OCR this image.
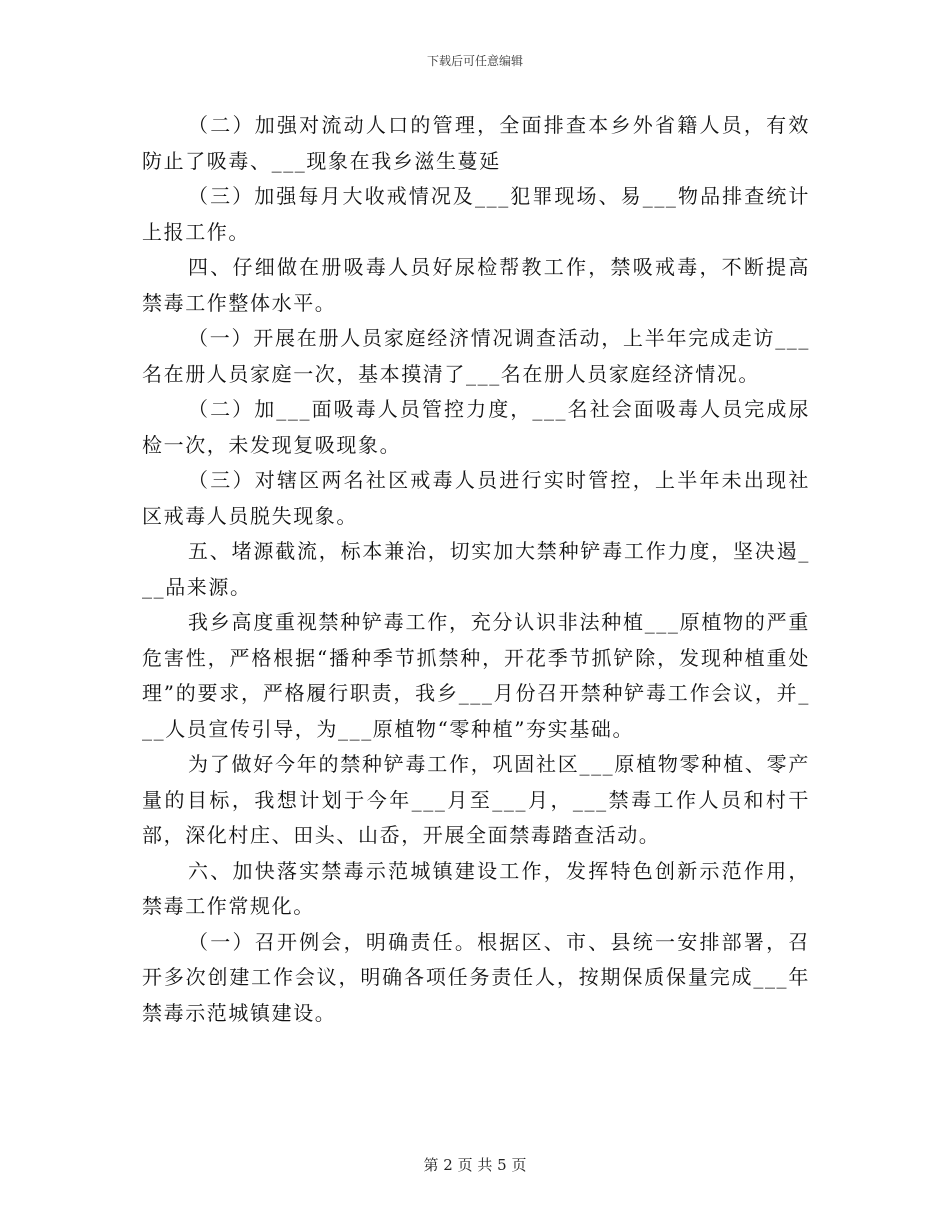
下载后可任意编辑

（二）加强对流动人口的管理，全面排查本乡外省籍人员，有效防止了吸毒、___现象在我乡滋生蔓延

（三）加强每月大收戒情况及___犯罪现场、易___物品排查统计上报工作。

四、仔细做在册吸毒人员好尿检帮教工作，禁吸戒毒，不断提高禁毒工作整体水平。

（一）开展在册人员家庭经济情况调查活动，上半年完成走访___名在册人员家庭一次，基本摸清了___名在册人员家庭经济情况。

（二）加___面吸毒人员管控力度，___名社会面吸毒人员完成尿检一次，未发现复吸现象。

（三）对辖区两名社区戒毒人员进行实时管控，上半年未出现社区戒毒人员脱失现象。

五、堵源截流，标本兼治，切实加大禁种铲毒工作力度，坚决遏___品来源。

我乡高度重视禁种铲毒工作，充分认识非法种植___原植物的严重危害性，严格根据“播种季节抓禁种，开花季节抓铲除，发现种植重处理”的要求，严格履行职责，我乡___月份召开禁种铲毒工作会议，并___人员宣传引导，为___原植物“零种植”夯实基础。

为了做好今年的禁种铲毒工作，巩固社区___原植物零种植、零产量的目标，我想计划于今年___月至___月，___禁毒工作人员和村干部，深化村庄、田头、山岙，开展全面禁毒踏查活动。

六、加快落实禁毒示范城镇建设工作，发挥特色创新示范作用，禁毒工作常规化。

（一）召开例会，明确责任。根据区、市、县统一安排部署，召开多次创建工作会议，明确各项任务责任人，按期保质保量完成___年禁毒示范城镇建设。

第 2 页 共 5 页
